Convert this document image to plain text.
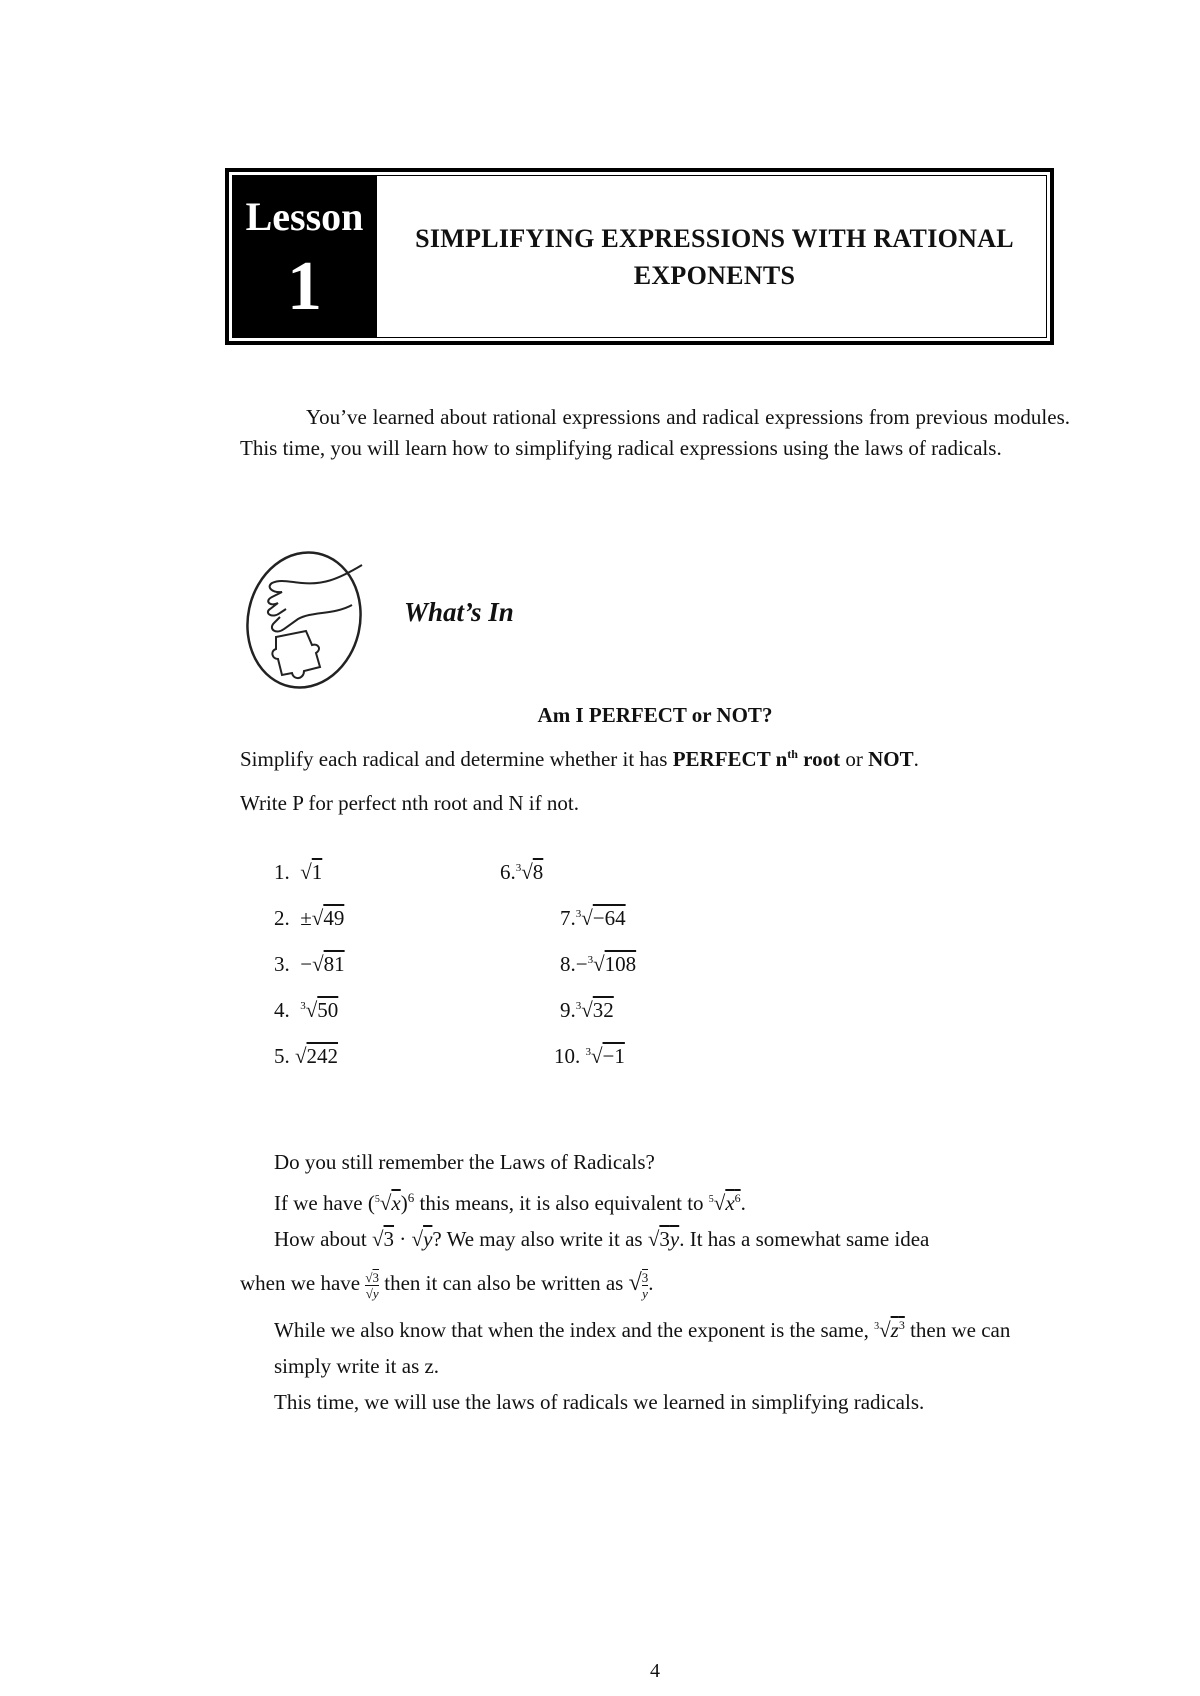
Lesson
1
SIMPLIFYING EXPRESSIONS WITH RATIONAL EXPONENTS
You’ve learned about rational expressions and radical expressions from previous modules. This time, you will learn how to simplifying radical expressions using the laws of radicals.
What’s In
Am I PERFECT or NOT?
Simplify each radical and determine whether it has PERFECT $n^{th}$ root or NOT.
Write P for perfect nth root and N if not.
1. √1
2. ±√49
3. −√81
4. $^3$√50
5. √242
6.$^3$√8
7.$^3$√−64
8.−$^3$√108
9.$^3$√32
10. $^3$√−1
Do you still remember the Laws of Radicals?
If we have $(^5√x)^6$ this means, it is also equivalent to $^5√x^6$.
How about √3 · √y? We may also write it as √3y. It has a somewhat same idea
when we have $\frac{√3}{√y}$ then it can also be written as √ $\frac{3}{y}$ .
While we also know that when the index and the exponent is the same, $^3√z^3$ then we can simply write it as z.
This time, we will use the laws of radicals we learned in simplifying radicals.
4
